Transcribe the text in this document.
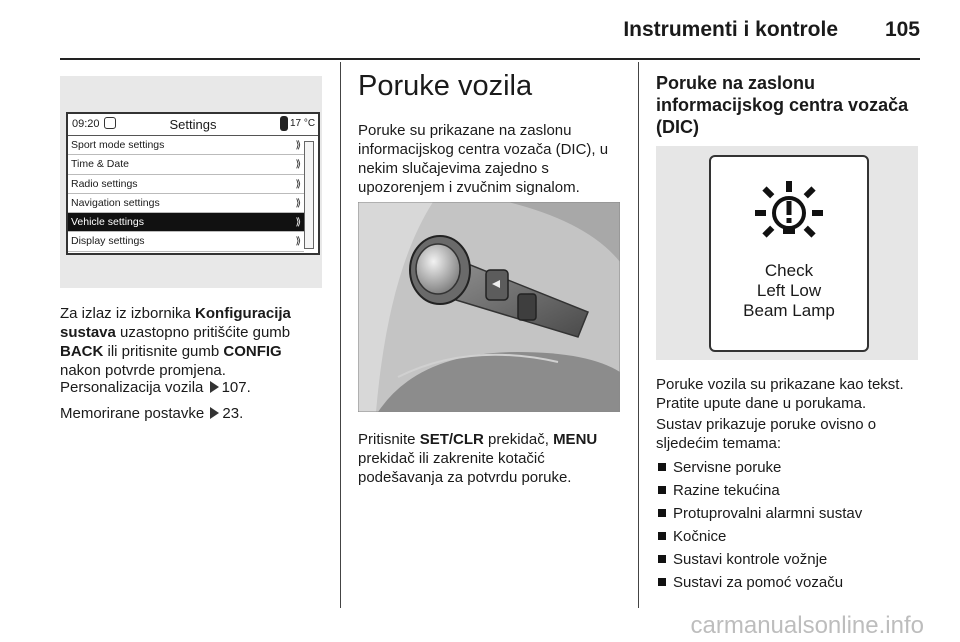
Instrumenti i kontrole 105
09:20	Settings	17 °C
Sport mode settings	⟫
Time & Date	⟫
Radio settings	⟫
Navigation settings	⟫
Vehicle settings	⟫
Display settings	⟫

Za izlaz iz izbornika Konfiguracija sustava uzastopno pritišćite gumb BACK ili pritisnite gumb CONFIG nakon potvrde promjena.

Personalizacija vozila 107.

Memorirane postavke 23.

Poruke vozila

Poruke su prikazane na zaslonu informacijskog centra vozača (DIC), u nekim slučajevima zajedno s upozorenjem i zvučnim signalom.

Pritisnite SET/CLR prekidač, MENU prekidač ili zakrenite kotačić podešavanja za potvrdu poruke.

Poruke na zaslonu informacijskog centra vozača (DIC)
Check
Left Low
Beam Lamp

Poruke vozila su prikazane kao tekst. Pratite upute dane u porukama.

Sustav prikazuje poruke ovisno o sljedećim temama:

Servisne poruke
Razine tekućina
Protuprovalni alarmni sustav
Kočnice
Sustavi kontrole vožnje
Sustavi za pomoć vozaču
carmanualsonline.info
